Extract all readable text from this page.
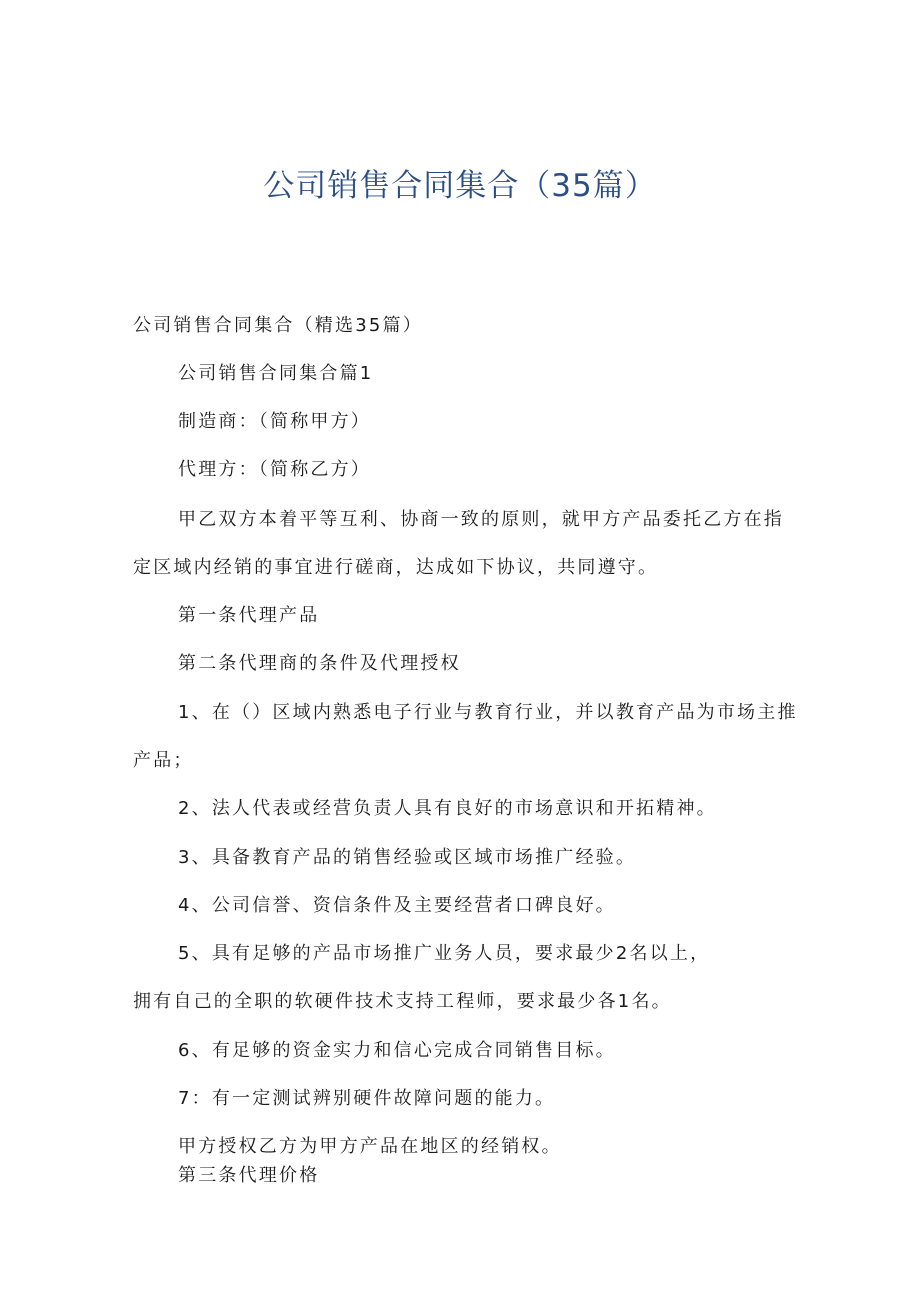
公司销售合同集合（35篇）
公司销售合同集合（精选35篇）
公司销售合同集合篇1
制造商：（简称甲方）
代理方：（简称乙方）
甲乙双方本着平等互利、协商一致的原则，就甲方产品委托乙方在指
定区域内经销的事宜进行磋商，达成如下协议，共同遵守。
第一条代理产品
第二条代理商的条件及代理授权
1、在（）区域内熟悉电子行业与教育行业，并以教育产品为市场主推
产品；
2、法人代表或经营负责人具有良好的市场意识和开拓精神。
3、具备教育产品的销售经验或区域市场推广经验。
4、公司信誉、资信条件及主要经营者口碑良好。
5、具有足够的产品市场推广业务人员，要求最少2名以上，
拥有自己的全职的软硬件技术支持工程师，要求最少各1名。
6、有足够的资金实力和信心完成合同销售目标。
7：有一定测试辨别硬件故障问题的能力。
甲方授权乙方为甲方产品在地区的经销权。
第三条代理价格
